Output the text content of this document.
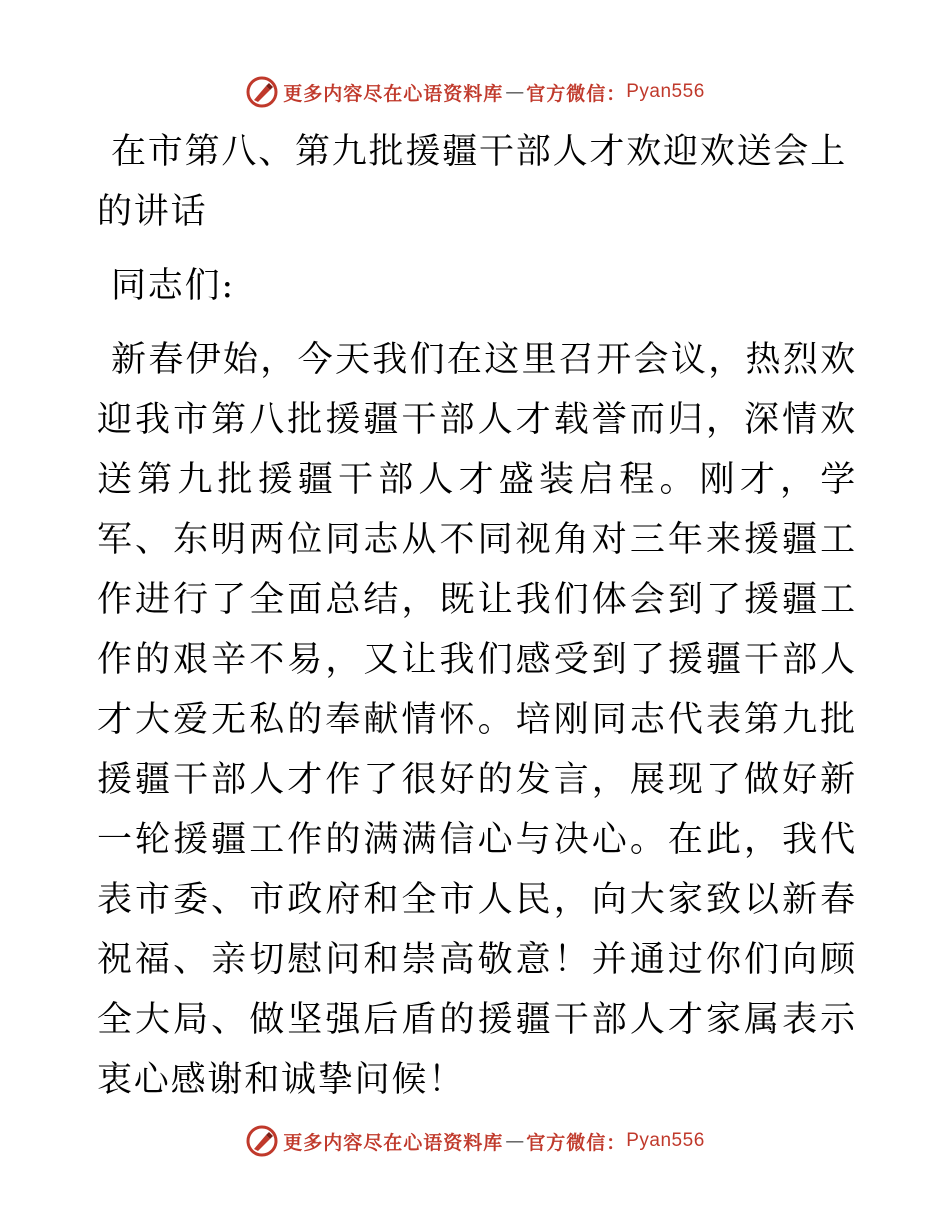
更多内容尽在心语资料库 — 官方微信： Pyan556
在市第八、第九批援疆干部人才欢迎欢送会上的讲话

同志们:

新春伊始，今天我们在这里召开会议，热烈欢迎我市第八批援疆干部人才载誉而归，深情欢送第九批援疆干部人才盛装启程。刚才，学军、东明两位同志从不同视角对三年来援疆工作进行了全面总结，既让我们体会到了援疆工作的艰辛不易，又让我们感受到了援疆干部人才大爱无私的奉献情怀。培刚同志代表第九批援疆干部人才作了很好的发言，展现了做好新一轮援疆工作的满满信心与决心。在此，我代表市委、市政府和全市人民，向大家致以新春祝福、亲切慰问和崇高敬意！并通过你们向顾全大局、做坚强后盾的援疆干部人才家属表示衷心感谢和诚挚问候！

更多内容尽在心语资料库 — 官方微信： Pyan556
